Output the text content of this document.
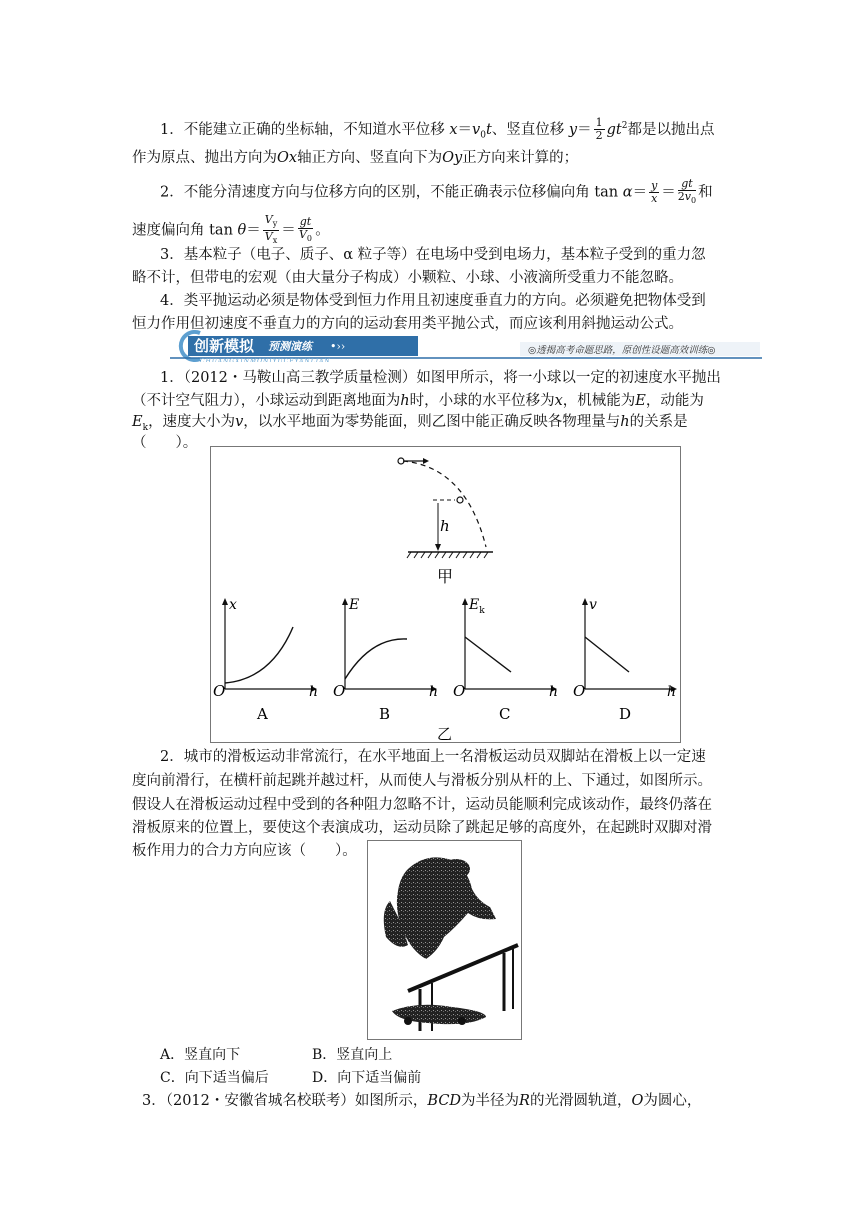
1．不能建立正确的坐标轴，不知道水平位移 $x=v_0t$、竖直位移 $y= \frac{1}{2} gt^2$都是以抛出点

作为原点、抛出方向为Ox轴正方向、竖直向下为Oy正方向来计算的；

2．不能分清速度方向与位移方向的区别，不能正确表示位移偏向角 $\tan \alpha= \frac{y}{x} = \frac{gt}{2v_0}$ 和

速度偏向角 $\tan \theta= \frac{V_y}{V_x} = \frac{gt}{V_0}$ 。

3．基本粒子（电子、质子、α 粒子等）在电场中受到电场力，基本粒子受到的重力忽

略不计，但带电的宏观（由大量分子构成）小颗粒、小球、小液滴所受重力不能忽略。

4．类平抛运动必须是物体受到恒力作用且初速度垂直力的方向。必须避免把物体受到

恒力作用但初速度不垂直力的方向的运动套用类平抛公式，而应该利用斜抛运动公式。

创新模拟 预测演练 •››
CHUANGXINMONIYUCEYANLIAN
◎透揭高考命题思路，原创性设题高效训练◎

1．（2012・马鞍山高三教学质量检测）如图甲所示，将一小球以一定的初速度水平抛出

（不计空气阻力），小球运动到距离地面为h时，小球的水平位移为x，机械能为E，动能为

$E_k$，速度大小为v，以水平地面为零势能面，则乙图中能正确反映各物理量与h的关系是

（　　）。

h
甲
x
O	h
A
E
O	h
B
$E_k$
O	h
C
v
O	h
D
乙

2．城市的滑板运动非常流行，在水平地面上一名滑板运动员双脚站在滑板上以一定速

度向前滑行，在横杆前起跳并越过杆，从而使人与滑板分别从杆的上、下通过，如图所示。

假设人在滑板运动过程中受到的各种阻力忽略不计，运动员能顺利完成该动作，最终仍落在

滑板原来的位置上，要使这个表演成功，运动员除了跳起足够的高度外，在起跳时双脚对滑

板作用力的合力方向应该（　　）。

A．竖直向下	B．竖直向上
C．向下适当偏后	D．向下适当偏前

3．（2012・安徽省城名校联考）如图所示，BCD为半径为R的光滑圆轨道，O为圆心，
